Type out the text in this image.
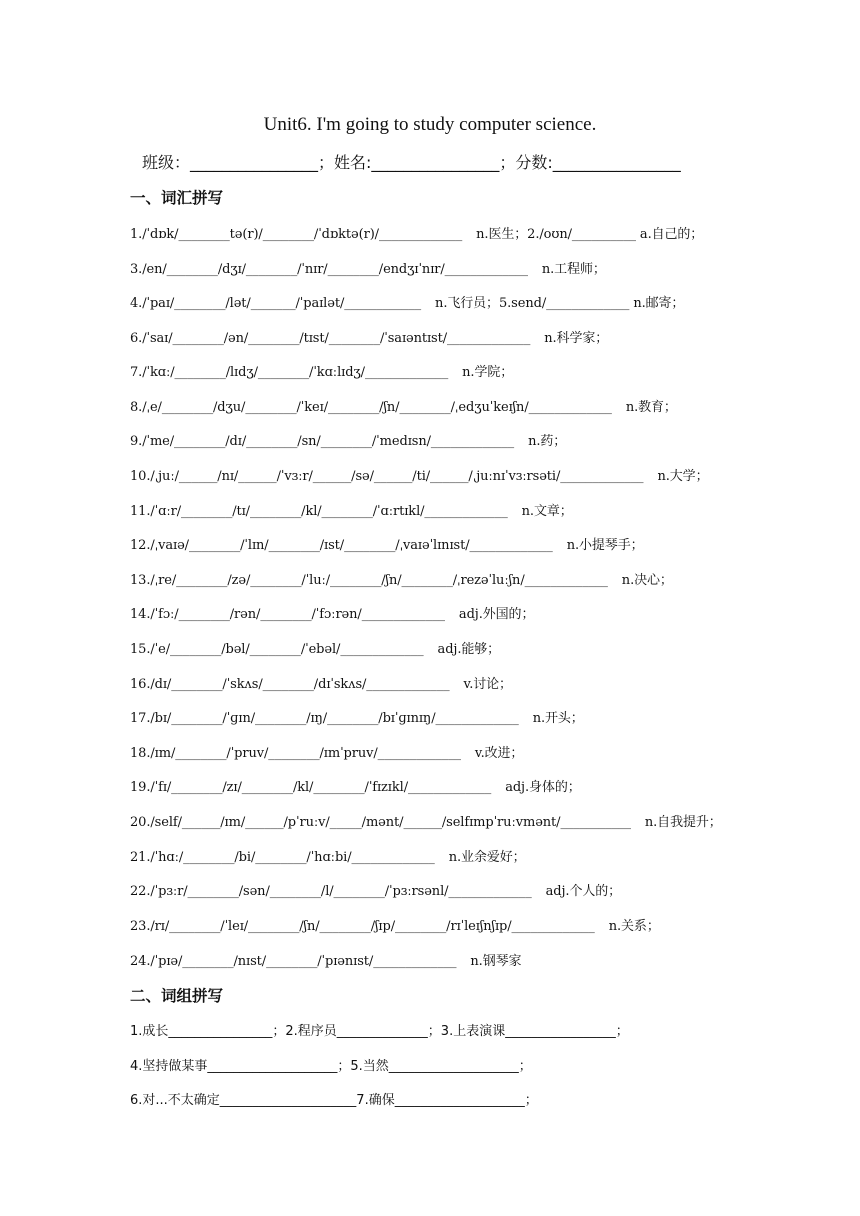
Unit6. I'm going to study computer science.
班级：________________；姓名:________________；分数:________________
一、词汇拼写
1./ˈdɒk/________tə(r)/________/ˈdɒktə(r)/_____________ n.医生；2./oʊn/__________ a.自己的；
3./en/________/dʒɪ/________/ˈnɪr/________/endʒɪˈnɪr/_____________ n.工程师；
4./ˈpaɪ/________/lət/_______/ˈpaɪlət/____________ n.飞行员；5.send/_____________ n.邮寄；
6./ˈsaɪ/________/ən/________/tɪst/________/ˈsaɪəntɪst/_____________ n.科学家；
7./ˈkɑː/________/lɪdʒ/________/ˈkɑːlɪdʒ/_____________ n.学院；
8./ˌe/________/dʒu/________/ˈkeɪ/________/ʃn/________/ˌedʒuˈkeɪʃn/_____________ n.教育；
9./ˈme/________/dɪ/________/sn/________/ˈmedɪsn/_____________ n.药；
10./ˌjuː/______/nɪ/______/ˈvɜːr/______/sə/______/ti/______/ˌjuːnɪˈvɜːrsəti/_____________ n.大学；
11./ˈɑːr/________/tɪ/________/kl/________/ˈɑːrtɪkl/_____________ n.文章；
12./ˌvaɪə/________/ˈlɪn/________/ɪst/________/ˌvaɪəˈlɪnɪst/_____________ n.小提琴手；
13./ˌre/________/zə/________/ˈluː/________/ʃn/________/ˌrezəˈluːʃn/_____________ n.决心；
14./ˈfɔː/________/rən/________/ˈfɔːrən/_____________ adj.外国的；
15./ˈe/________/bəl/________/ˈebəl/_____________ adj.能够；
16./dɪ/________/ˈskʌs/________/dɪˈskʌs/_____________ v.讨论；
17./bɪ/________/ˈɡɪn/________/ɪŋ/________/bɪˈɡɪnɪŋ/_____________ n.开头；
18./ɪm/________/ˈpruv/________/ɪmˈpruv/_____________ v.改进；
19./ˈfɪ/________/zɪ/________/kl/________/ˈfɪzɪkl/_____________ adj.身体的；
20./self/______/ɪm/______/pˈruːv/_____/mənt/______/selfɪmpˈruːvmənt/___________ n.自我提升；
21./ˈhɑː/________/bi/________/ˈhɑːbi/_____________ n.业余爱好；
22./ˈpɜːr/________/sən/________/l/________/ˈpɜːrsənl/_____________ adj.个人的；
23./rɪ/________/ˈleɪ/________/ʃn/________/ʃɪp/________/rɪˈleɪʃnʃɪp/_____________ n.关系；
24./ˈpɪə/________/nɪst/________/ˈpɪənɪst/_____________ n.钢琴家
二、词组拼写
1.成长________________；2.程序员______________；3.上表演课_________________；
4.坚持做某事____________________；5.当然____________________；
6.对...不太确定_____________________7.确保____________________；
